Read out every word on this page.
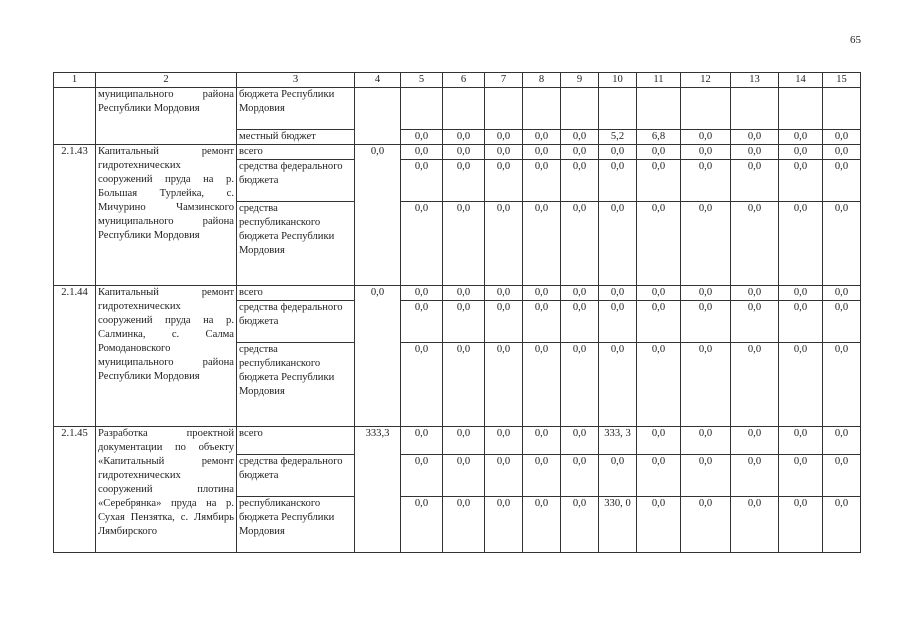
65
1	2	3	4	5	6	7	8	9	10	11	12	13	14	15
	муниципального района Республики Мордовия	бюджета Республики Мордовия												
		местный бюджет		0,0	0,0	0,0	0,0	0,0	5,2	6,8	0,0	0,0	0,0	0,0
2.1.43	Капитальный ремонт гидротехнических сооружений пруда на р. Большая Турлейка, с. Мичурино Чамзинского муниципального района Республики Мордовия	всего	0,0	0,0	0,0	0,0	0,0	0,0	0,0	0,0	0,0	0,0	0,0	0,0
		средства федерального бюджета		0,0	0,0	0,0	0,0	0,0	0,0	0,0	0,0	0,0	0,0	0,0
		средства республиканского бюджета Республики Мордовия		0,0	0,0	0,0	0,0	0,0	0,0	0,0	0,0	0,0	0,0	0,0
2.1.44	Капитальный ремонт гидротехнических сооружений пруда на р. Салминка, с. Салма Ромодановского муниципального района Республики Мордовия	всего	0,0	0,0	0,0	0,0	0,0	0,0	0,0	0,0	0,0	0,0	0,0	0,0
		средства федерального бюджета		0,0	0,0	0,0	0,0	0,0	0,0	0,0	0,0	0,0	0,0	0,0
		средства республиканского бюджета Республики Мордовия		0,0	0,0	0,0	0,0	0,0	0,0	0,0	0,0	0,0	0,0	0,0
2.1.45	Разработка проектной документации по объекту «Капитальный ремонт гидротехнических сооружений плотина «Серебрянка» пруда на р. Сухая Пензятка, с. Лямбирь Лямбирского	всего	333,3	0,0	0,0	0,0	0,0	0,0	333, 3	0,0	0,0	0,0	0,0	0,0
		средства федерального бюджета		0,0	0,0	0,0	0,0	0,0	0,0	0,0	0,0	0,0	0,0	0,0
		республиканского бюджета Республики Мордовия		0,0	0,0	0,0	0,0	0,0	330, 0	0,0	0,0	0,0	0,0	0,0
